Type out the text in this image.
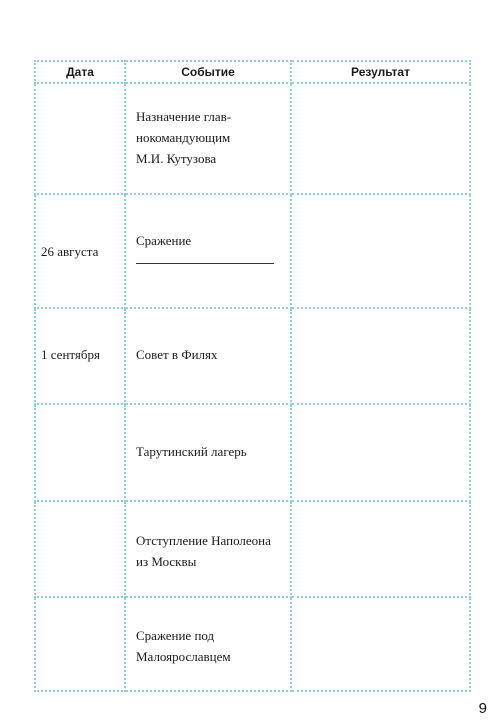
Дата	Событие	Результат

	Назначение глав-
нокомандующим
М.И. Кутузова	

26 августа	Сражение	

1 сентября	Совет в Филях	

	Тарутинский лагерь	

	Отступление Наполеона
из Москвы	

	Сражение под
Малоярославцем	

9
